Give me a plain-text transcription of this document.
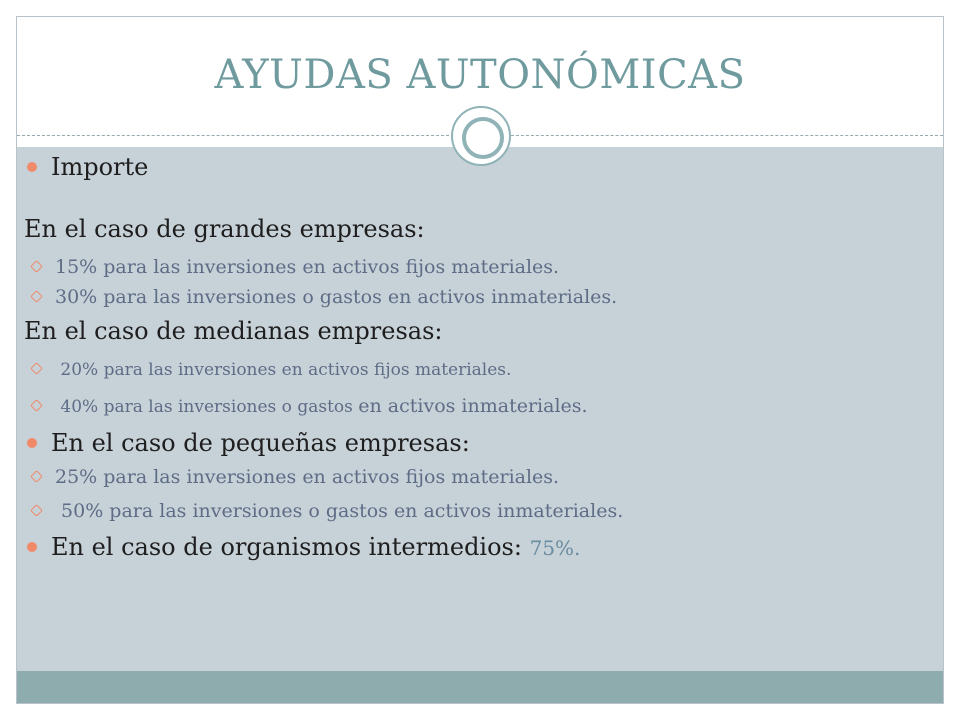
AYUDAS AUTONÓMICAS
Importe
En el caso de grandes empresas:
15% para las inversiones en activos fijos materiales.
30% para las inversiones o gastos en activos inmateriales.
En el caso de medianas empresas:
20% para las inversiones en activos fijos materiales.
40% para las inversiones o gastos en activos inmateriales.
En el caso de pequeñas empresas:
25% para las inversiones en activos fijos materiales.
50% para las inversiones o gastos en activos inmateriales.
En el caso de organismos intermedios: 75%.
